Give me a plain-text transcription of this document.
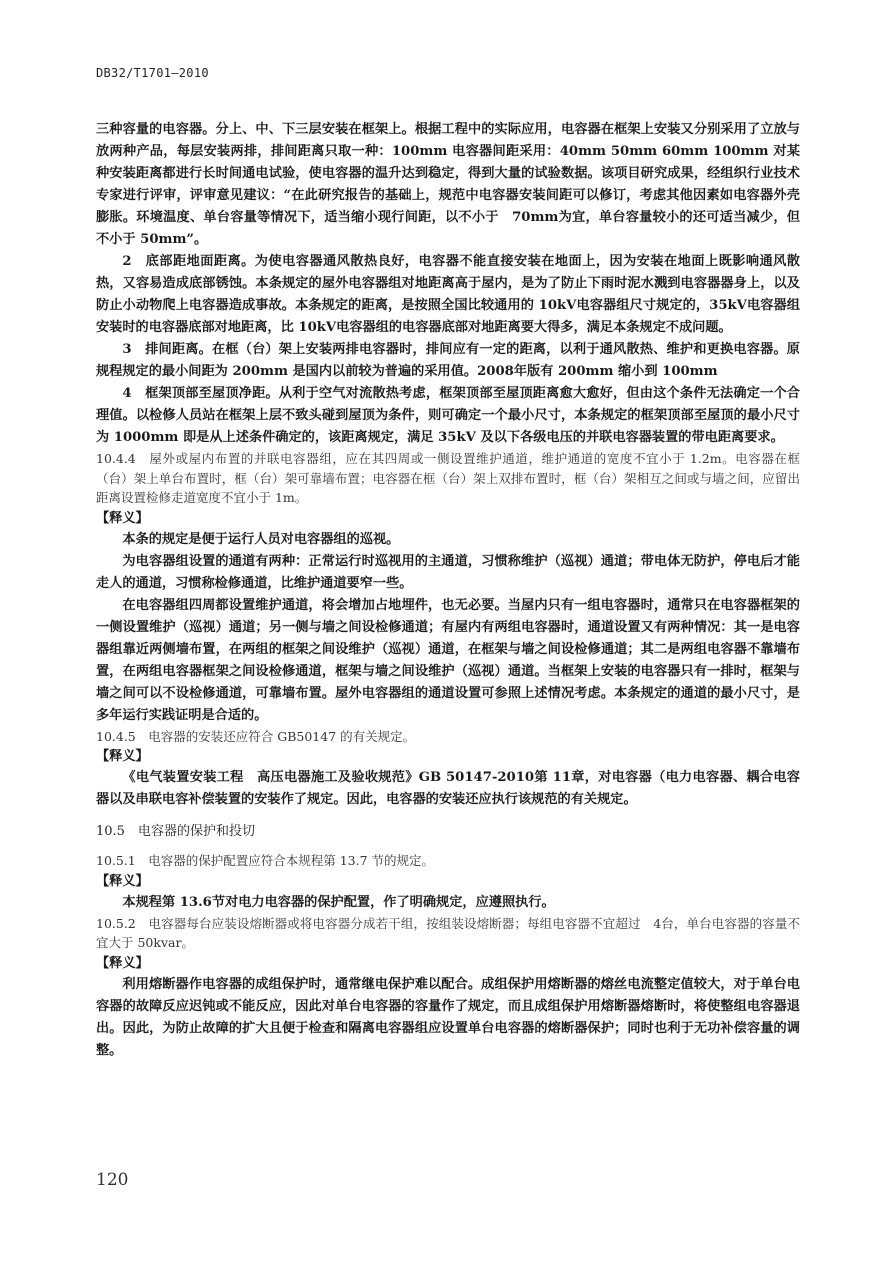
DB32/T1701—2010

三种容量的电容器。分上、中、下三层安装在框架上。根据工程中的实际应用，电容器在框架上安装又分别采用了立放与　放两种产品，每层安装两排，排间距离只取一种：100mm 电容器间距采用：40mm 50mm 60mm 100mm 对某种安装距离都进行长时间通电试验，使电容器的温升达到稳定，得到大量的试验数据。该项目研究成果，经组织行业技术专家进行评审，评审意见建议：“在此研究报告的基础上，规范中电容器安装间距可以修订，考虑其他因素如电容器外壳膨胀。环境温度、单台容量等情况下，适当缩小现行间距，以不小于　70mm为宜，单台容量较小的还可适当减少，但不小于 50mm”。

2　底部距地面距离。为使电容器通风散热良好，电容器不能直接安装在地面上，因为安装在地面上既影响通风散热，又容易造成底部锈蚀。本条规定的屋外电容器组对地距离高于屋内，是为了防止下雨时泥水溅到电容器器身上，以及防止小动物爬上电容器造成事故。本条规定的距离，是按照全国比较通用的 10kV电容器组尺寸规定的，35kV电容器组安装时的电容器底部对地距离，比 10kV电容器组的电容器底部对地距离要大得多，满足本条规定不成问题。

3　排间距离。在框（台）架上安装两排电容器时，排间应有一定的距离，以利于通风散热、维护和更换电容器。原规程规定的最小间距为 200mm 是国内以前较为普遍的采用值。2008年版有 200mm 缩小到 100mm

4　框架顶部至屋顶净距。从利于空气对流散热考虑，框架顶部至屋顶距离愈大愈好，但由这个条件无法确定一个合理值。以检修人员站在框架上层不致头碰到屋顶为条件，则可确定一个最小尺寸，本条规定的框架顶部至屋顶的最小尺寸为 1000mm 即是从上述条件确定的，该距离规定，满足 35kV 及以下各级电压的并联电容器装置的带电距离要求。

10.4.4　屋外或屋内布置的并联电容器组，应在其四周或一侧设置维护通道，维护通道的宽度不宜小于 1.2m。电容器在框（台）架上单台布置时，框（台）架可靠墙布置；电容器在框（台）架上双排布置时，框（台）架相互之间或与墙之间，应留出距离设置检修走道宽度不宜小于 1m。

【释义】

本条的规定是便于运行人员对电容器组的巡视。

为电容器组设置的通道有两种：正常运行时巡视用的主通道，习惯称维护（巡视）通道；带电体无防护，停电后才能走人的通道，习惯称检修通道，比维护通道要窄一些。

在电容器组四周都设置维护通道，将会增加占地埋件，也无必要。当屋内只有一组电容器时，通常只在电容器框架的一侧设置维护（巡视）通道；另一侧与墙之间设检修通道；有屋内有两组电容器时，通道设置又有两种情况：其一是电容器组靠近两侧墙布置，在两组的框架之间设维护（巡视）通道，在框架与墙之间设检修通道；其二是两组电容器不靠墙布置，在两组电容器框架之间设检修通道，框架与墙之间设维护（巡视）通道。当框架上安装的电容器只有一排时，框架与墙之间可以不设检修通道，可靠墙布置。屋外电容器组的通道设置可参照上述情况考虑。本条规定的通道的最小尺寸，是多年运行实践证明是合适的。

10.4.5　电容器的安装还应符合 GB50147 的有关规定。

【释义】

《电气装置安装工程　高压电器施工及验收规范》GB 50147-2010第 11章，对电容器（电力电容器、耦合电容器以及串联电容补偿装置的安装作了规定。因此，电容器的安装还应执行该规范的有关规定。

10.5　电容器的保护和投切

10.5.1　电容器的保护配置应符合本规程第 13.7 节的规定。

【释义】

本规程第 13.6节对电力电容器的保护配置，作了明确规定，应遵照执行。

10.5.2　电容器每台应装设熔断器或将电容器分成若干组，按组装设熔断器；每组电容器不宜超过　4台，单台电容器的容量不宜大于 50kvar。

【释义】

利用熔断器作电容器的成组保护时，通常继电保护难以配合。成组保护用熔断器的熔丝电流整定值较大，对于单台电容器的故障反应迟钝或不能反应，因此对单台电容器的容量作了规定，而且成组保护用熔断器熔断时，将使整组电容器退出。因此，为防止故障的扩大且便于检查和隔离电容器组应设置单台电容器的熔断器保护；同时也利于无功补偿容量的调整。

120
